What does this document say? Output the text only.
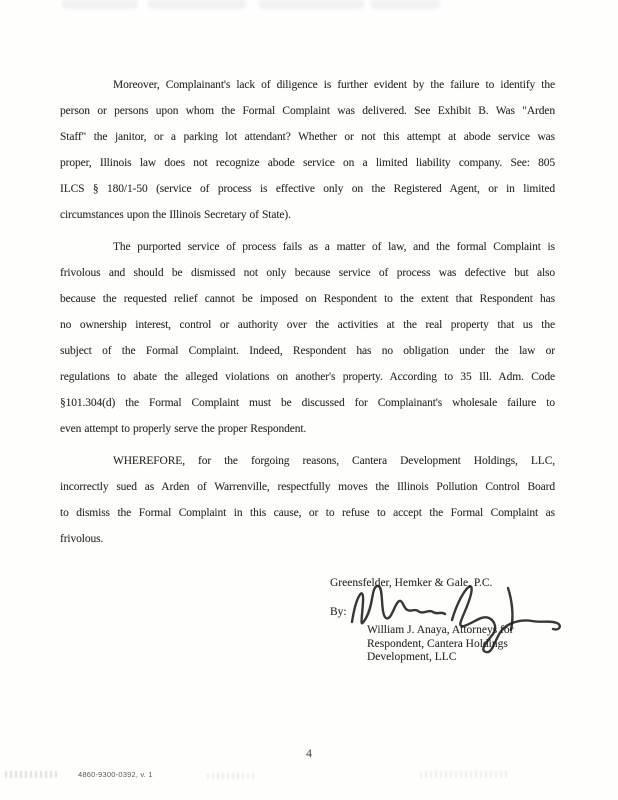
Moreover, Complainant's lack of diligence is further evident by the failure to identify the
person or persons upon whom the Formal Complaint was delivered. See Exhibit B. Was "Arden
Staff" the janitor, or a parking lot attendant? Whether or not this attempt at abode service was
proper, Illinois law does not recognize abode service on a limited liability company. See: 805
ILCS § 180/1-50 (service of process is effective only on the Registered Agent, or in limited
circumstances upon the Illinois Secretary of State).
The purported service of process fails as a matter of law, and the formal Complaint is
frivolous and should be dismissed not only because service of process was defective but also
because the requested relief cannot be imposed on Respondent to the extent that Respondent has
no ownership interest, control or authority over the activities at the real property that us the
subject of the Formal Complaint. Indeed, Respondent has no obligation under the law or
regulations to abate the alleged violations on another's property. According to 35 Ill. Adm. Code
§101.304(d) the Formal Complaint must be discussed for Complainant's wholesale failure to
even attempt to properly serve the proper Respondent.
WHEREFORE, for the forgoing reasons, Cantera Development Holdings, LLC,
incorrectly sued as Arden of Warrenville, respectfully moves the Illinois Pollution Control Board
to dismiss the Formal Complaint in this cause, or to refuse to accept the Formal Complaint as
frivolous.
Greensfelder, Hemker & Gale, P.C.
By:
William J. Anaya, Attorneys for
Respondent, Cantera Holdings
Development, LLC
4
4860-9300-0392, v. 1
